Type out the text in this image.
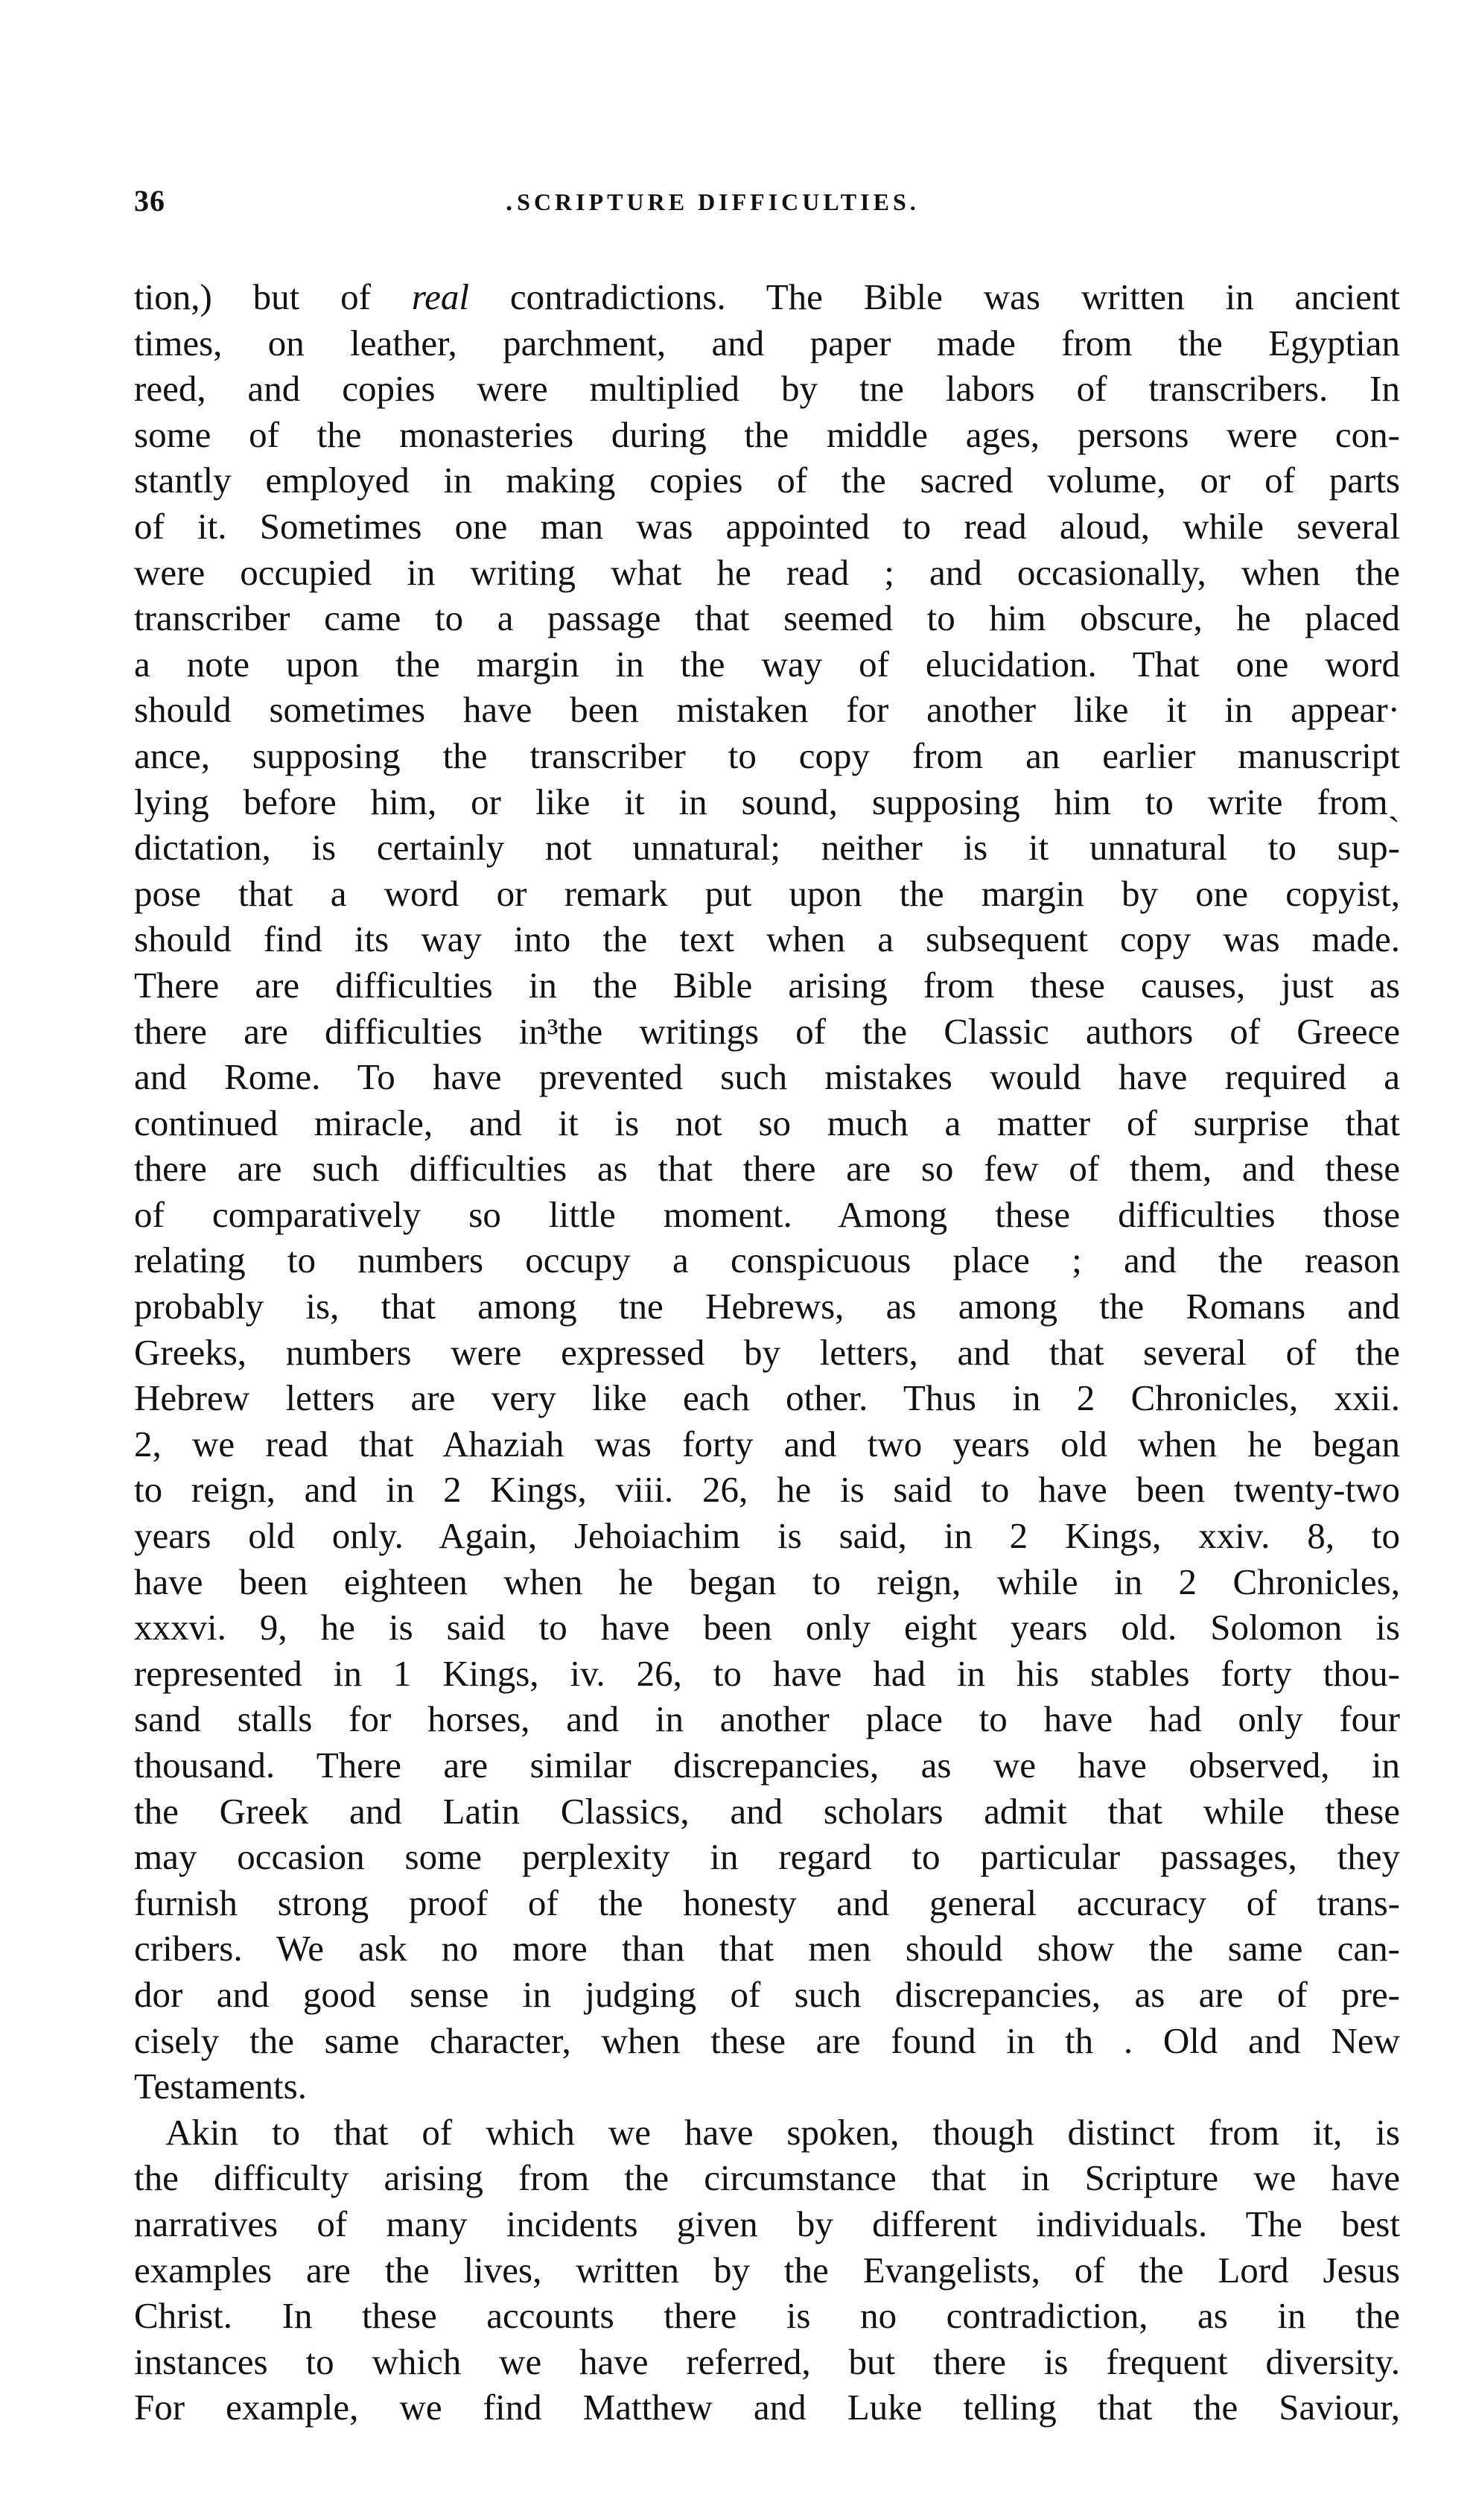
36	․SCRIPTURE DIFFICULTIES.
tion,) but of real contradictions. The Bible was written in ancient
times, on leather, parchment, and paper made from the Egyptian
reed, and copies were multiplied by tne labors of transcribers. In
some of the monasteries during the middle ages, persons were con-
stantly employed in making copies of the sacred volume, or of parts
of it. Sometimes one man was appointed to read aloud, while several
were occupied in writing what he read ; and occasionally, when the
transcriber came to a passage that seemed to him obscure, he placed
a note upon the margin in the way of elucidation. That one word
should sometimes have been mistaken for another like it in appear·
ance, supposing the transcriber to copy from an earlier manuscript
lying before him, or like it in sound, supposing him to write fromˏ
dictation, is certainly not unnatural; neither is it unnatural to sup-
pose that a word or remark put upon the margin by one copyist,
should find its way into the text when a subsequent copy was made.
There are difficulties in the Bible arising from these causes, just as
there are difficulties in³the writings of the Classic authors of Greece
and Rome. To have prevented such mistakes would have required a
continued miracle, and it is not so much a matter of surprise that
there are such difficulties as that there are so few of them, and these
of comparatively so little moment. Among these difficulties those
relating to numbers occupy a conspicuous place ; and the reason
probably is, that among tne Hebrews, as among the Romans and
Greeks, numbers were expressed by letters, and that several of the
Hebrew letters are very like each other. Thus in 2 Chronicles, xxii.
2, we read that Ahaziah was forty and two years old when he began
to reign, and in 2 Kings, viii. 26, he is said to have been twenty-two
years old only. Again, Jehoiachim is said, in 2 Kings, xxiv. 8, to
have been eighteen when he began to reign, while in 2 Chronicles,
xxxvi. 9, he is said to have been only eight years old. Solomon is
represented in 1 Kings, iv. 26, to have had in his stables forty thou-
sand stalls for horses, and in another place to have had only four
thousand. There are similar discrepancies, as we have observed, in
the Greek and Latin Classics, and scholars admit that while these
may occasion some perplexity in regard to particular passages, they
furnish strong proof of the honesty and general accuracy of trans-
cribers. We ask no more than that men should show the same can-
dor and good sense in judging of such discrepancies, as are of pre-
cisely the same character, when these are found in th . Old and New
Testaments.
Akin to that of which we have spoken, though distinct from it, is
the difficulty arising from the circumstance that in Scripture we have
narratives of many incidents given by different individuals. The best
examples are the lives, written by the Evangelists, of the Lord Jesus
Christ. In these accounts there is no contradiction, as in the
instances to which we have referred, but there is frequent diversity.
For example, we find Matthew and Luke telling that the Saviour,
